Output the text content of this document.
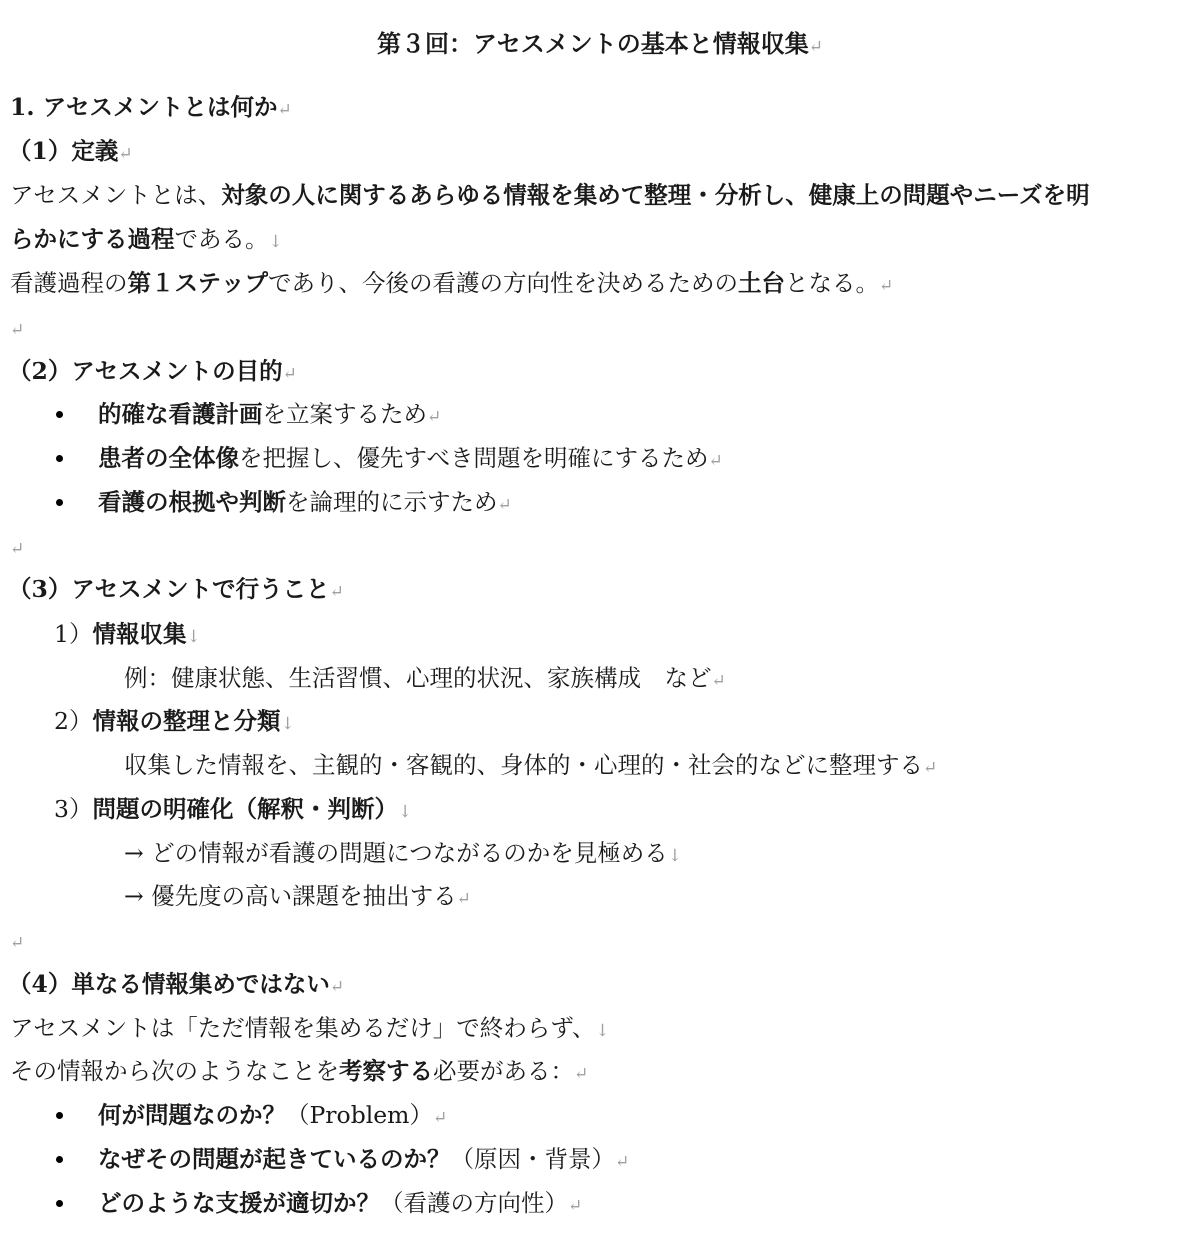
第３回：アセスメントの基本と情報収集↵
1. アセスメントとは何か↵
（1）定義↵
アセスメントとは、対象の人に関するあらゆる情報を集めて整理・分析し、健康上の問題やニーズを明
らかにする過程である。↓
看護過程の第１ステップであり、今後の看護の方向性を決めるための土台となる。↵
↵
（2）アセスメントの目的↵
的確な看護計画を立案するため↵
患者の全体像を把握し、優先すべき問題を明確にするため↵
看護の根拠や判断を論理的に示すため↵
↵
（3）アセスメントで行うこと↵
1）情報収集↓
例：健康状態、生活習慣、心理的状況、家族構成　など↵
2）情報の整理と分類↓
収集した情報を、主観的・客観的、身体的・心理的・社会的などに整理する↵
3）問題の明確化（解釈・判断）↓
→ どの情報が看護の問題につながるのかを見極める↓
→ 優先度の高い課題を抽出する↵
↵
（4）単なる情報集めではない↵
アセスメントは「ただ情報を集めるだけ」で終わらず、↓
その情報から次のようなことを考察する必要がある：↵
何が問題なのか？（Problem）↵
なぜその問題が起きているのか？（原因・背景）↵
どのような支援が適切か？（看護の方向性）↵
